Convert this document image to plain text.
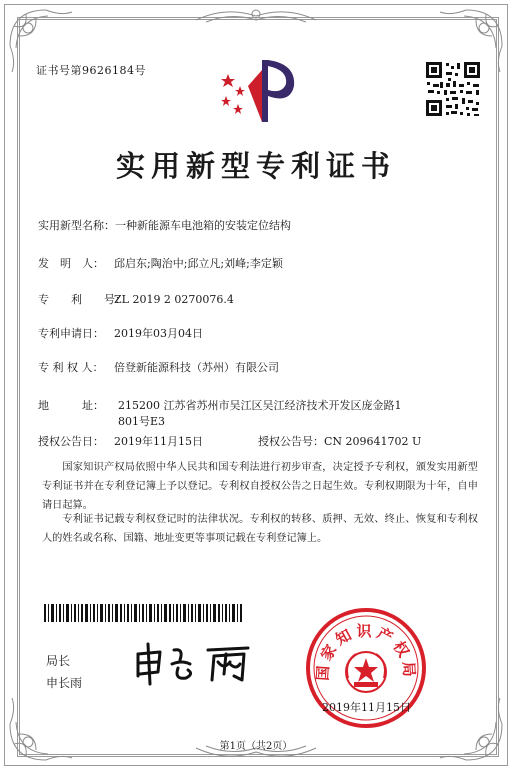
证书号第9626184号
实用新型专利证书
实用新型名称：一种新能源车电池箱的安装定位结构
发　明　人： 邱启东;陶治中;邱立凡;刘峰;李定颖
专　　利　　号：ZL 2019 2 0270076.4
专利申请日： 2019年03月04日
专 利 权 人： 倍登新能源科技（苏州）有限公司
地　　　址：	215200 江苏省苏州市吴江区吴江经济技术开发区庞金路1
801号E3
授权公告日： 2019年11月15日	授权公告号：CN 209641702 U
国家知识产权局依照中华人民共和国专利法进行初步审查，决定授予专利权，颁发实用新型专利证书并在专利登记簿上予以登记。专利权自授权公告之日起生效。专利权期限为十年，自申请日起算。
专利证书记载专利权登记时的法律状况。专利权的转移、质押、无效、终止、恢复和专利权人的姓名或名称、国籍、地址变更等事项记载在专利登记簿上。
局长
申长雨
国家知识产权局
2019年11月15日
第1页（共2页）
